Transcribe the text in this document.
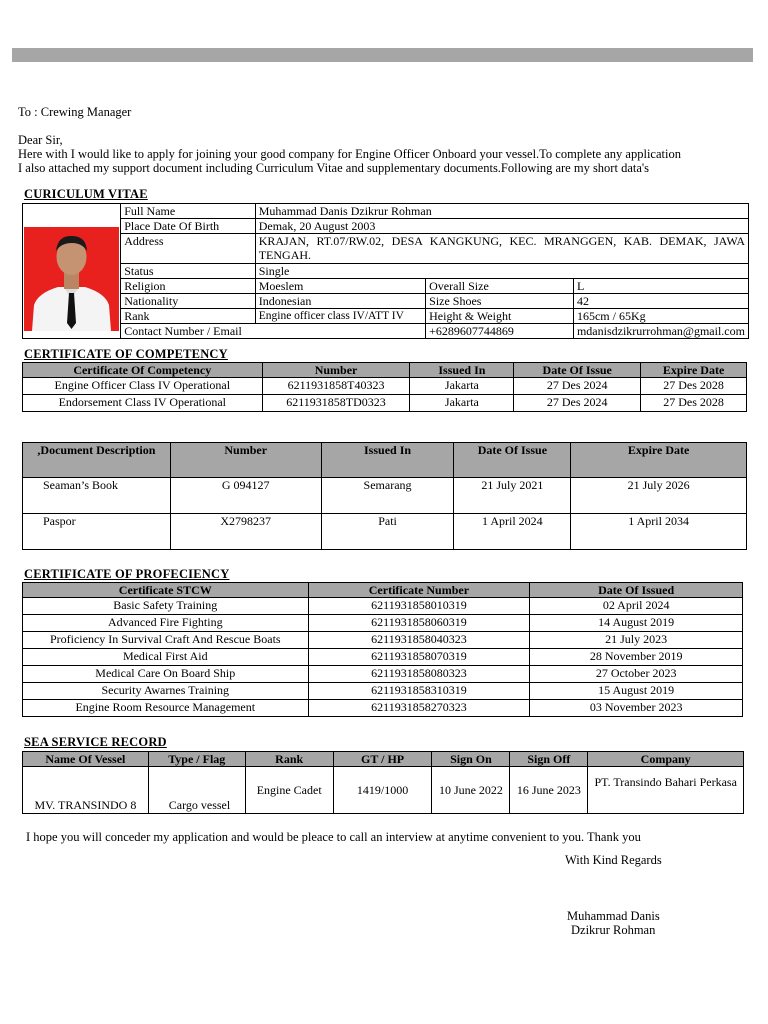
To : Crewing Manager
Dear Sir,
Here with I would like to apply for joining your good company for Engine Officer Onboard your vessel.To complete any application
I also attached my support document including Curriculum Vitae and supplementary documents.Following are my short data's
CURICULUM VITAE
	Full Name	Muhammad Danis Dzikrur Rohman		
	Place Date Of Birth	Demak, 20 August 2003		
	Address	KRAJAN, RT.07/RW.02, DESA KANGKUNG, KEC. MRANGGEN, KAB. DEMAK, JAWA TENGAH.		
	Status	Single		
	Religion	Moeslem	Overall Size	L
	Nationality	Indonesian	Size Shoes	42
	Rank	Engine officer class IV/ATT IV	Height & Weight	165cm / 65Kg
	Contact Number / Email		+6289607744869	mdanisdzikrurrohman@gmail.com
CERTIFICATE OF COMPETENCY
Certificate Of Competency	Number	Issued In	Date Of Issue	Expire Date
Engine Officer Class IV Operational	6211931858T40323	Jakarta	27 Des 2024	27 Des 2028
Endorsement Class IV Operational	6211931858TD0323	Jakarta	27 Des 2024	27 Des 2028
,Document Description	Number	Issued In	Date Of Issue	Expire Date
Seaman’s Book	G 094127	Semarang	21 July 2021	21 July 2026
Paspor	X2798237	Pati	1 April 2024	1 April 2034
CERTIFICATE OF PROFECIENCY
Certificate STCW	Certificate Number	Date Of Issued
Basic Safety Training	6211931858010319	02 April 2024
Advanced Fire Fighting	6211931858060319	14 August 2019
Proficiency In Survival Craft And Rescue Boats	6211931858040323	21 July 2023
Medical First Aid	6211931858070319	28 November 2019
Medical Care On Board Ship	6211931858080323	27 October 2023
Security Awarnes Training	6211931858310319	15 August 2019
Engine Room Resource Management	6211931858270323	03 November 2023
SEA SERVICE RECORD
Name Of Vessel	Type / Flag	Rank	GT / HP	Sign On	Sign Off	Company
MV. TRANSINDO 8	Cargo vessel	Engine Cadet	1419/1000	10 June 2022	16 June 2023	PT. Transindo Bahari Perkasa
I hope you will conceder my application and would be pleace to call an interview at anytime convenient to you. Thank you
With Kind Regards
Muhammad Danis
Dzikrur Rohman
